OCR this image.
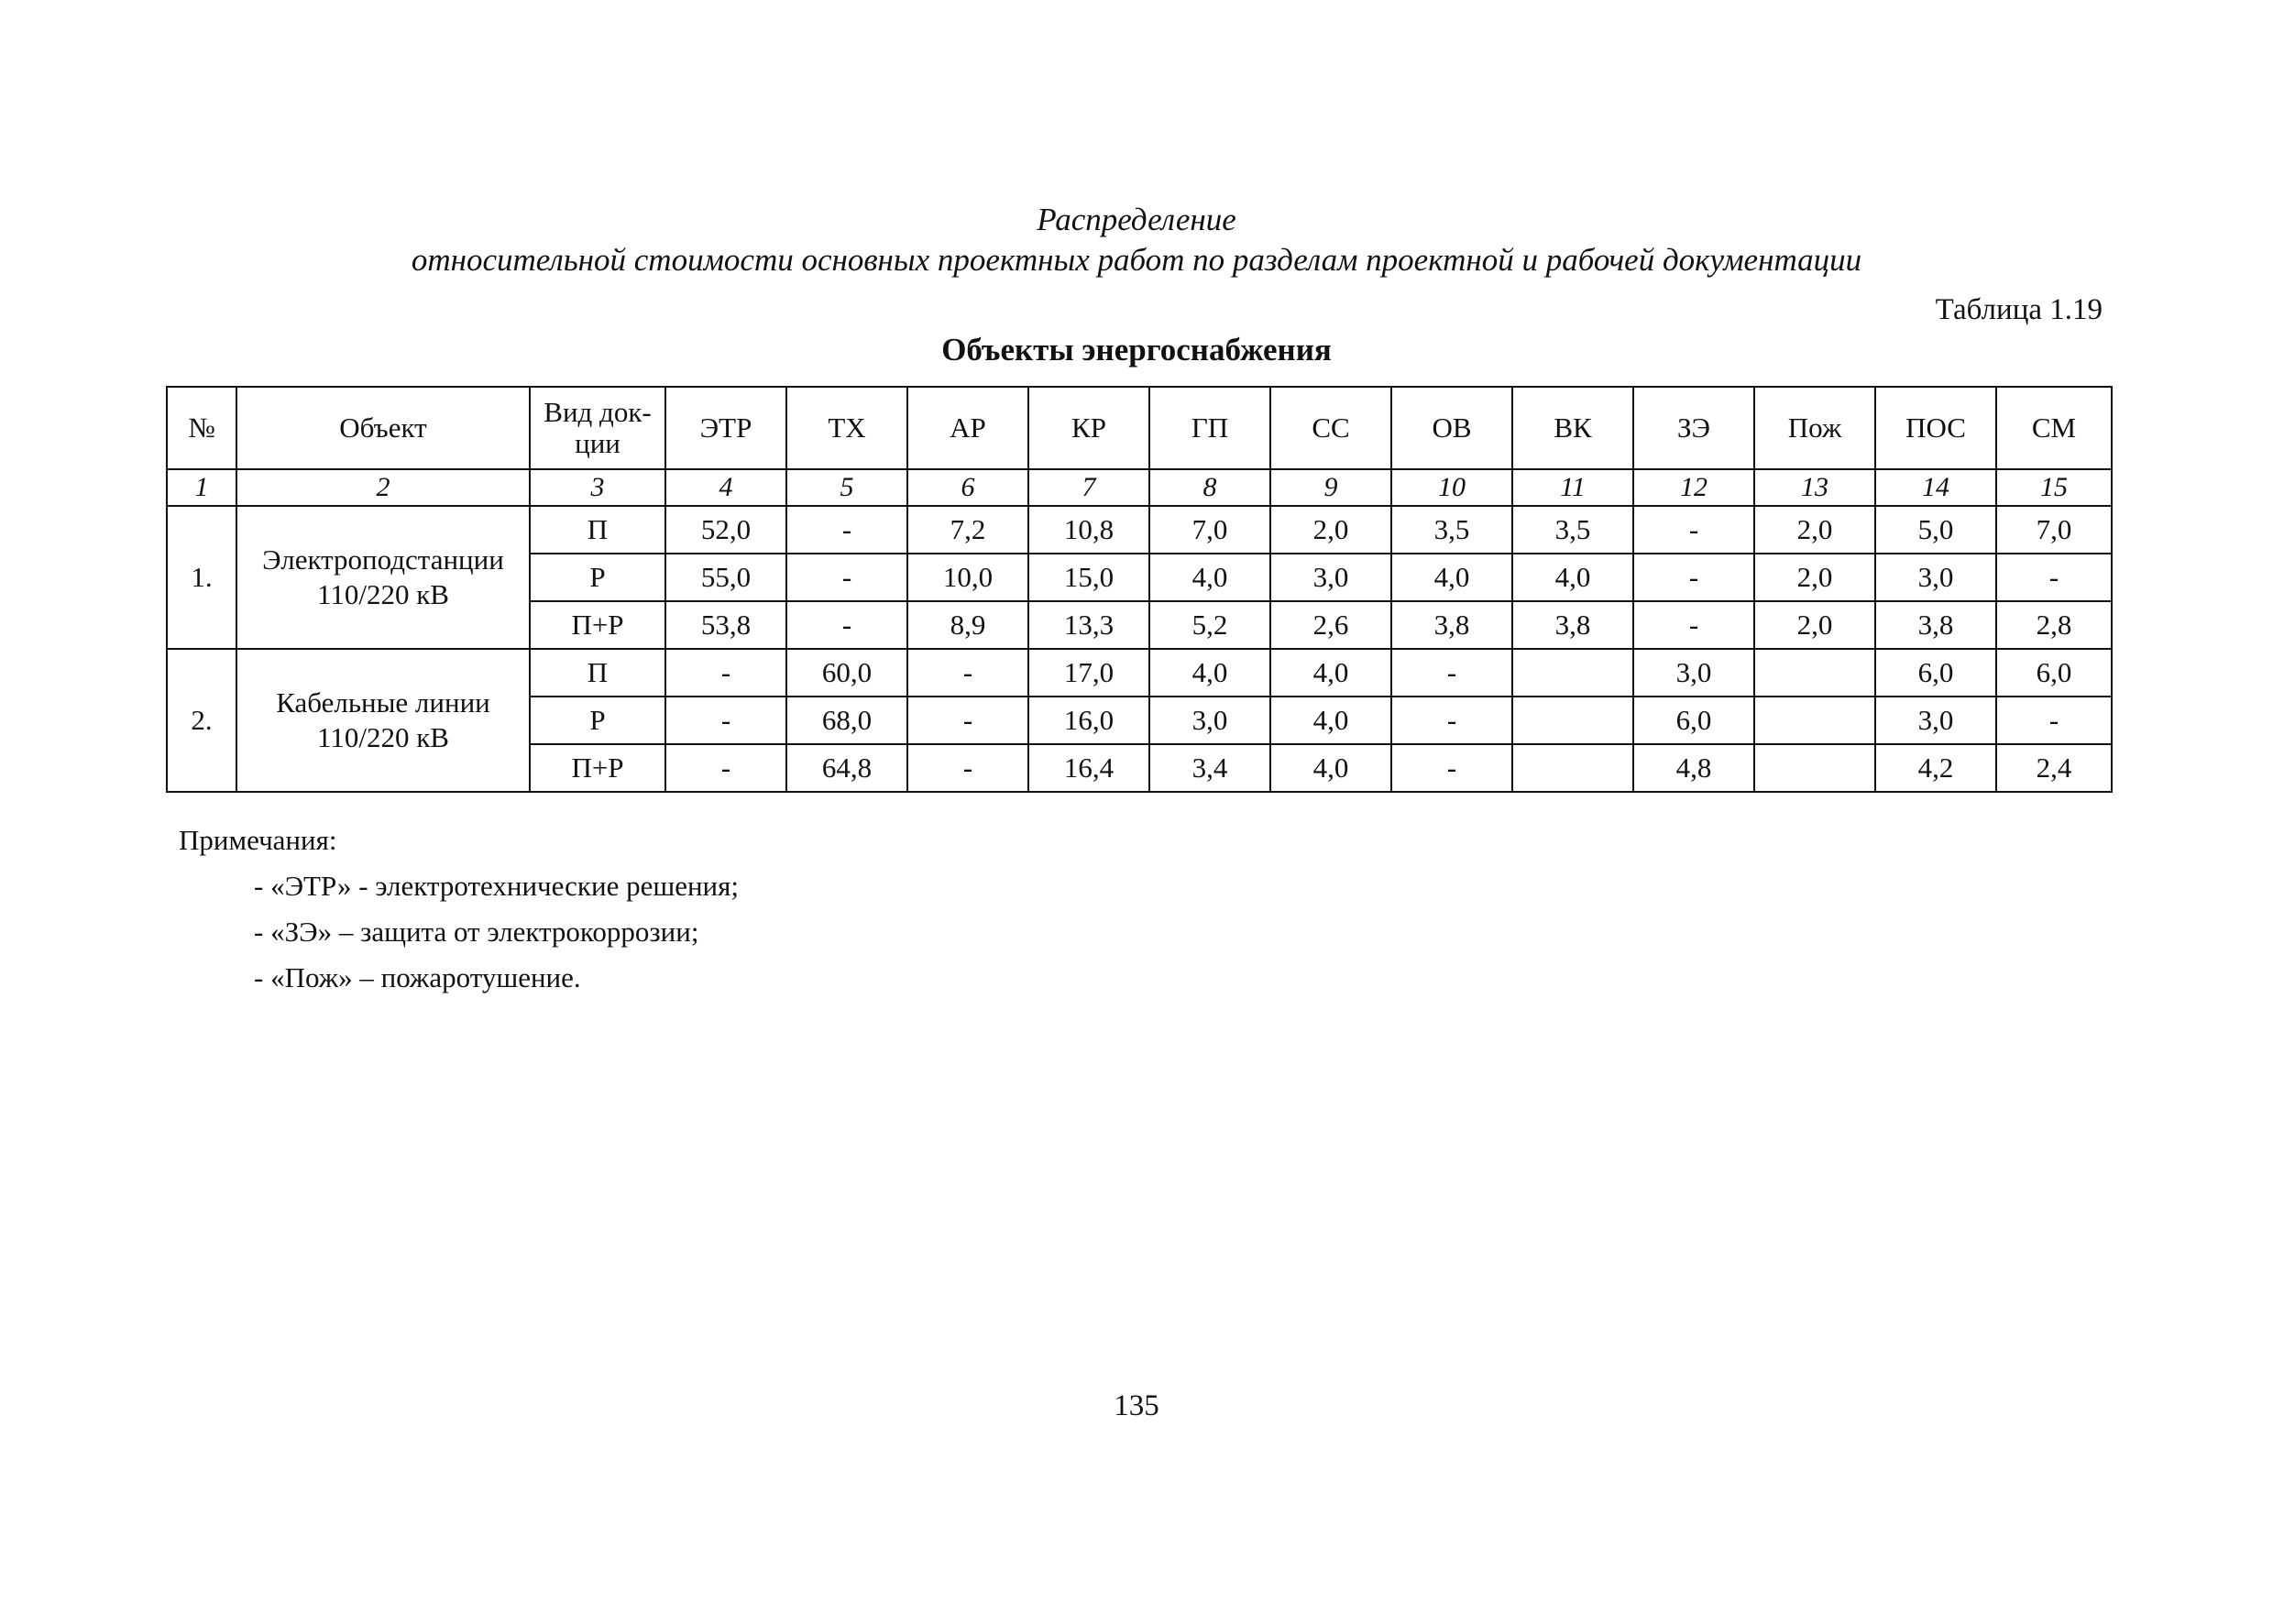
Распределение
относительной стоимости основных проектных работ по разделам проектной и рабочей документации
Таблица 1.19
Объекты энергоснабжения
№	Объект	Вид док-ции	ЭТР	ТХ	АР	КР	ГП	СС	ОВ	ВК	ЗЭ	Пож	ПОС	СМ
1	2	3	4	5	6	7	8	9	10	11	12	13	14	15
1.	Электроподстанции 110/220 кВ	П	52,0	-	7,2	10,8	7,0	2,0	3,5	3,5	-	2,0	5,0	7,0
		Р	55,0	-	10,0	15,0	4,0	3,0	4,0	4,0	-	2,0	3,0	-
		П+Р	53,8	-	8,9	13,3	5,2	2,6	3,8	3,8	-	2,0	3,8	2,8
2.	Кабельные линии 110/220 кВ	П	-	60,0	-	17,0	4,0	4,0	-		3,0		6,0	6,0
		Р	-	68,0	-	16,0	3,0	4,0	-		6,0		3,0	-
		П+Р	-	64,8	-	16,4	3,4	4,0	-		4,8		4,2	2,4
Примечания:
- «ЭТР» - электротехнические решения;
- «ЗЭ» – защита от электрокоррозии;
- «Пож» – пожаротушение.
135
